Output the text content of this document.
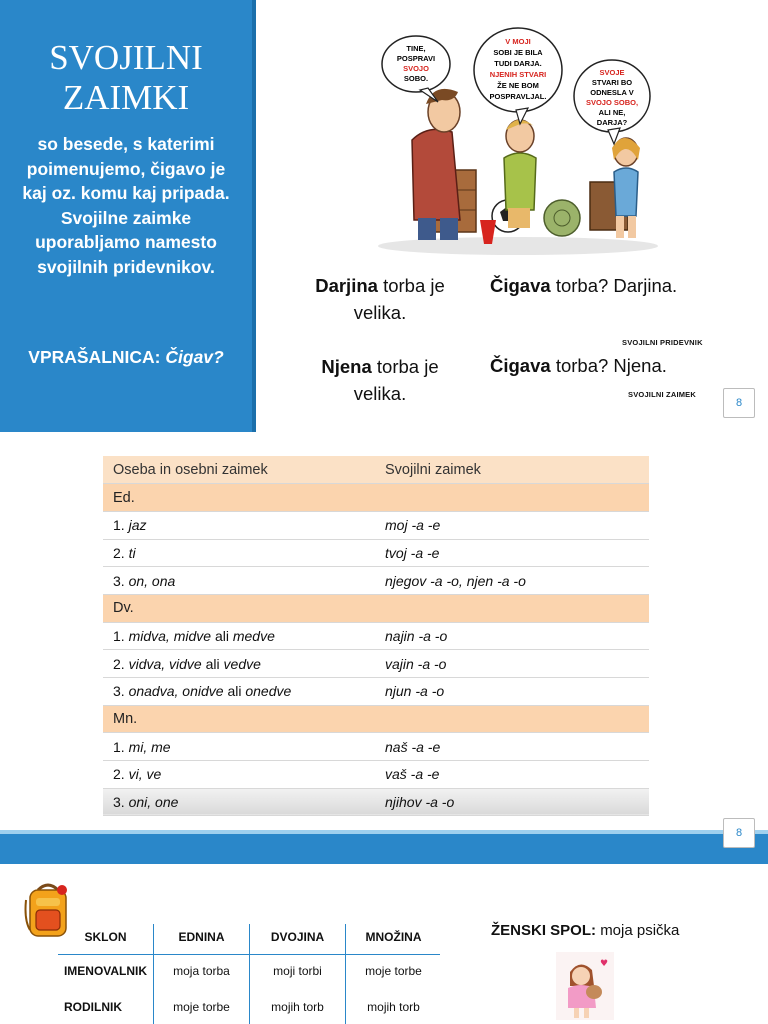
SVOJILNI
ZAIMKI
so besede, s katerimi poimenujemo, čigavo je kaj oz. komu kaj pripada. Svojilne zaimke uporabljamo namesto svojilnih pridevnikov.
VPRAŠALNICA: Čigav?
TINE,
POSPRAVI
SVOJO
SOBO.
V MOJI
SOBI JE BILA
TUDI DARJA.
NJENIH STVARI
ŽE NE BOM
POSPRAVLJAL.
SVOJE
STVARI BO
ODNESLA V
SVOJO SOBO,
ALI NE,
DARJA?
Darjina torba je
velika.
Čigava torba? Darjina.
SVOJILNI PRIDEVNIK
Njena torba je
velika.
Čigava torba? Njena.
SVOJILNI ZAIMEK
8
Oseba in osebni zaimek	Svojilni zaimek
Ed.	
1. jaz	moj -a -e
2. ti	tvoj -a -e
3. on, ona	njegov -a -o, njen -a -o
Dv.	
1. midva, midve ali medve	najin -a -o
2. vidva, vidve ali vedve	vajin -a -o
3. onadva, onidve ali onedve	njun -a -o
Mn.	
1. mi, me	naš -a -e
2. vi, ve	vaš -a -e
3. oni, one	njihov -a -o
8
SKLON	EDNINA	DVOJINA	MNOŽINA
IMENOVALNIK	moja torba	moji torbi	moje torbe
RODILNIK	moje torbe	mojih torb	mojih torb
ŽENSKI SPOL: moja psička
♥
